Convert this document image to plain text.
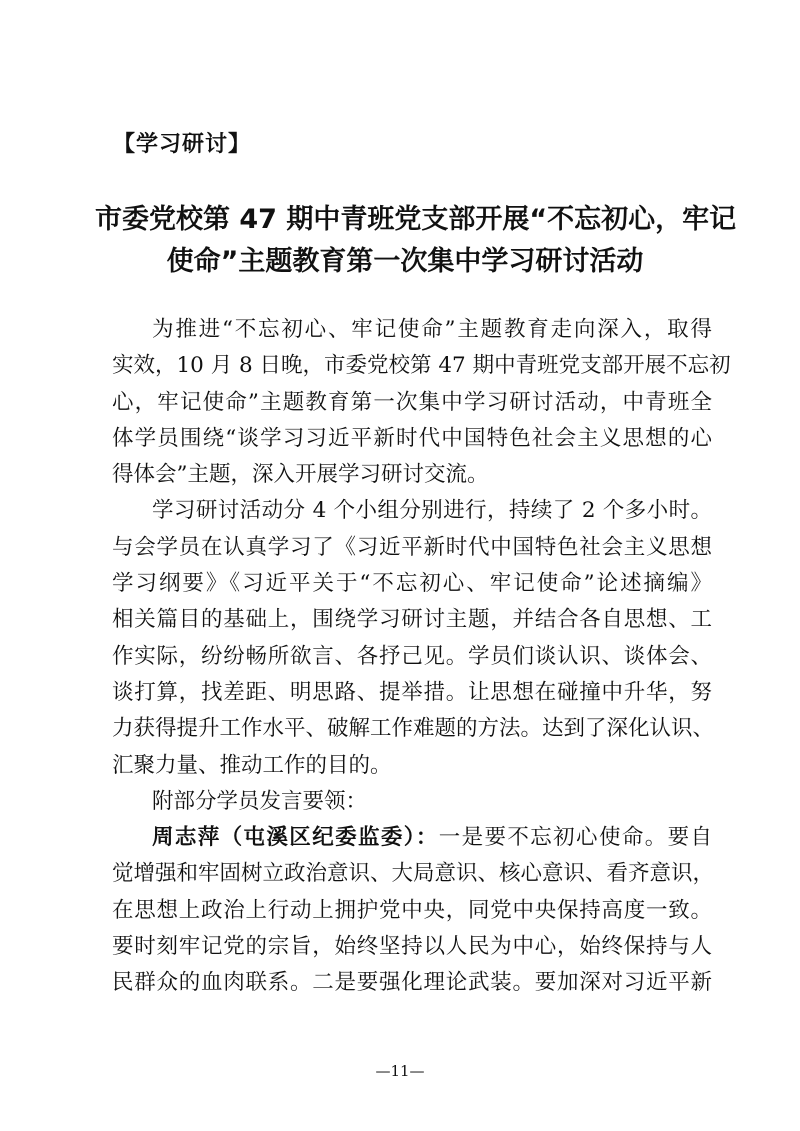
【学习研讨】
市委党校第 47 期中青班党支部开展“不忘初心，牢记
使命”主题教育第一次集中学习研讨活动
为推进“不忘初心、牢记使命”主题教育走向深入，取得
实效，10 月 8 日晚，市委党校第 47 期中青班党支部开展不忘初
心，牢记使命”主题教育第一次集中学习研讨活动，中青班全
体学员围绕“谈学习习近平新时代中国特色社会主义思想的心
得体会”主题，深入开展学习研讨交流。
学习研讨活动分 4 个小组分别进行，持续了 2 个多小时。
与会学员在认真学习了《习近平新时代中国特色社会主义思想
学习纲要》《习近平关于“不忘初心、牢记使命”论述摘编》
相关篇目的基础上，围绕学习研讨主题，并结合各自思想、工
作实际，纷纷畅所欲言、各抒己见。学员们谈认识、谈体会、
谈打算，找差距、明思路、提举措。让思想在碰撞中升华，努
力获得提升工作水平、破解工作难题的方法。达到了深化认识、
汇聚力量、推动工作的目的。
附部分学员发言要领：
周志萍（屯溪区纪委监委）：一是要不忘初心使命。要自
觉增强和牢固树立政治意识、大局意识、核心意识、看齐意识，
在思想上政治上行动上拥护党中央，同党中央保持高度一致。
要时刻牢记党的宗旨，始终坚持以人民为中心，始终保持与人
民群众的血肉联系。二是要强化理论武装。要加深对习近平新
—11—
